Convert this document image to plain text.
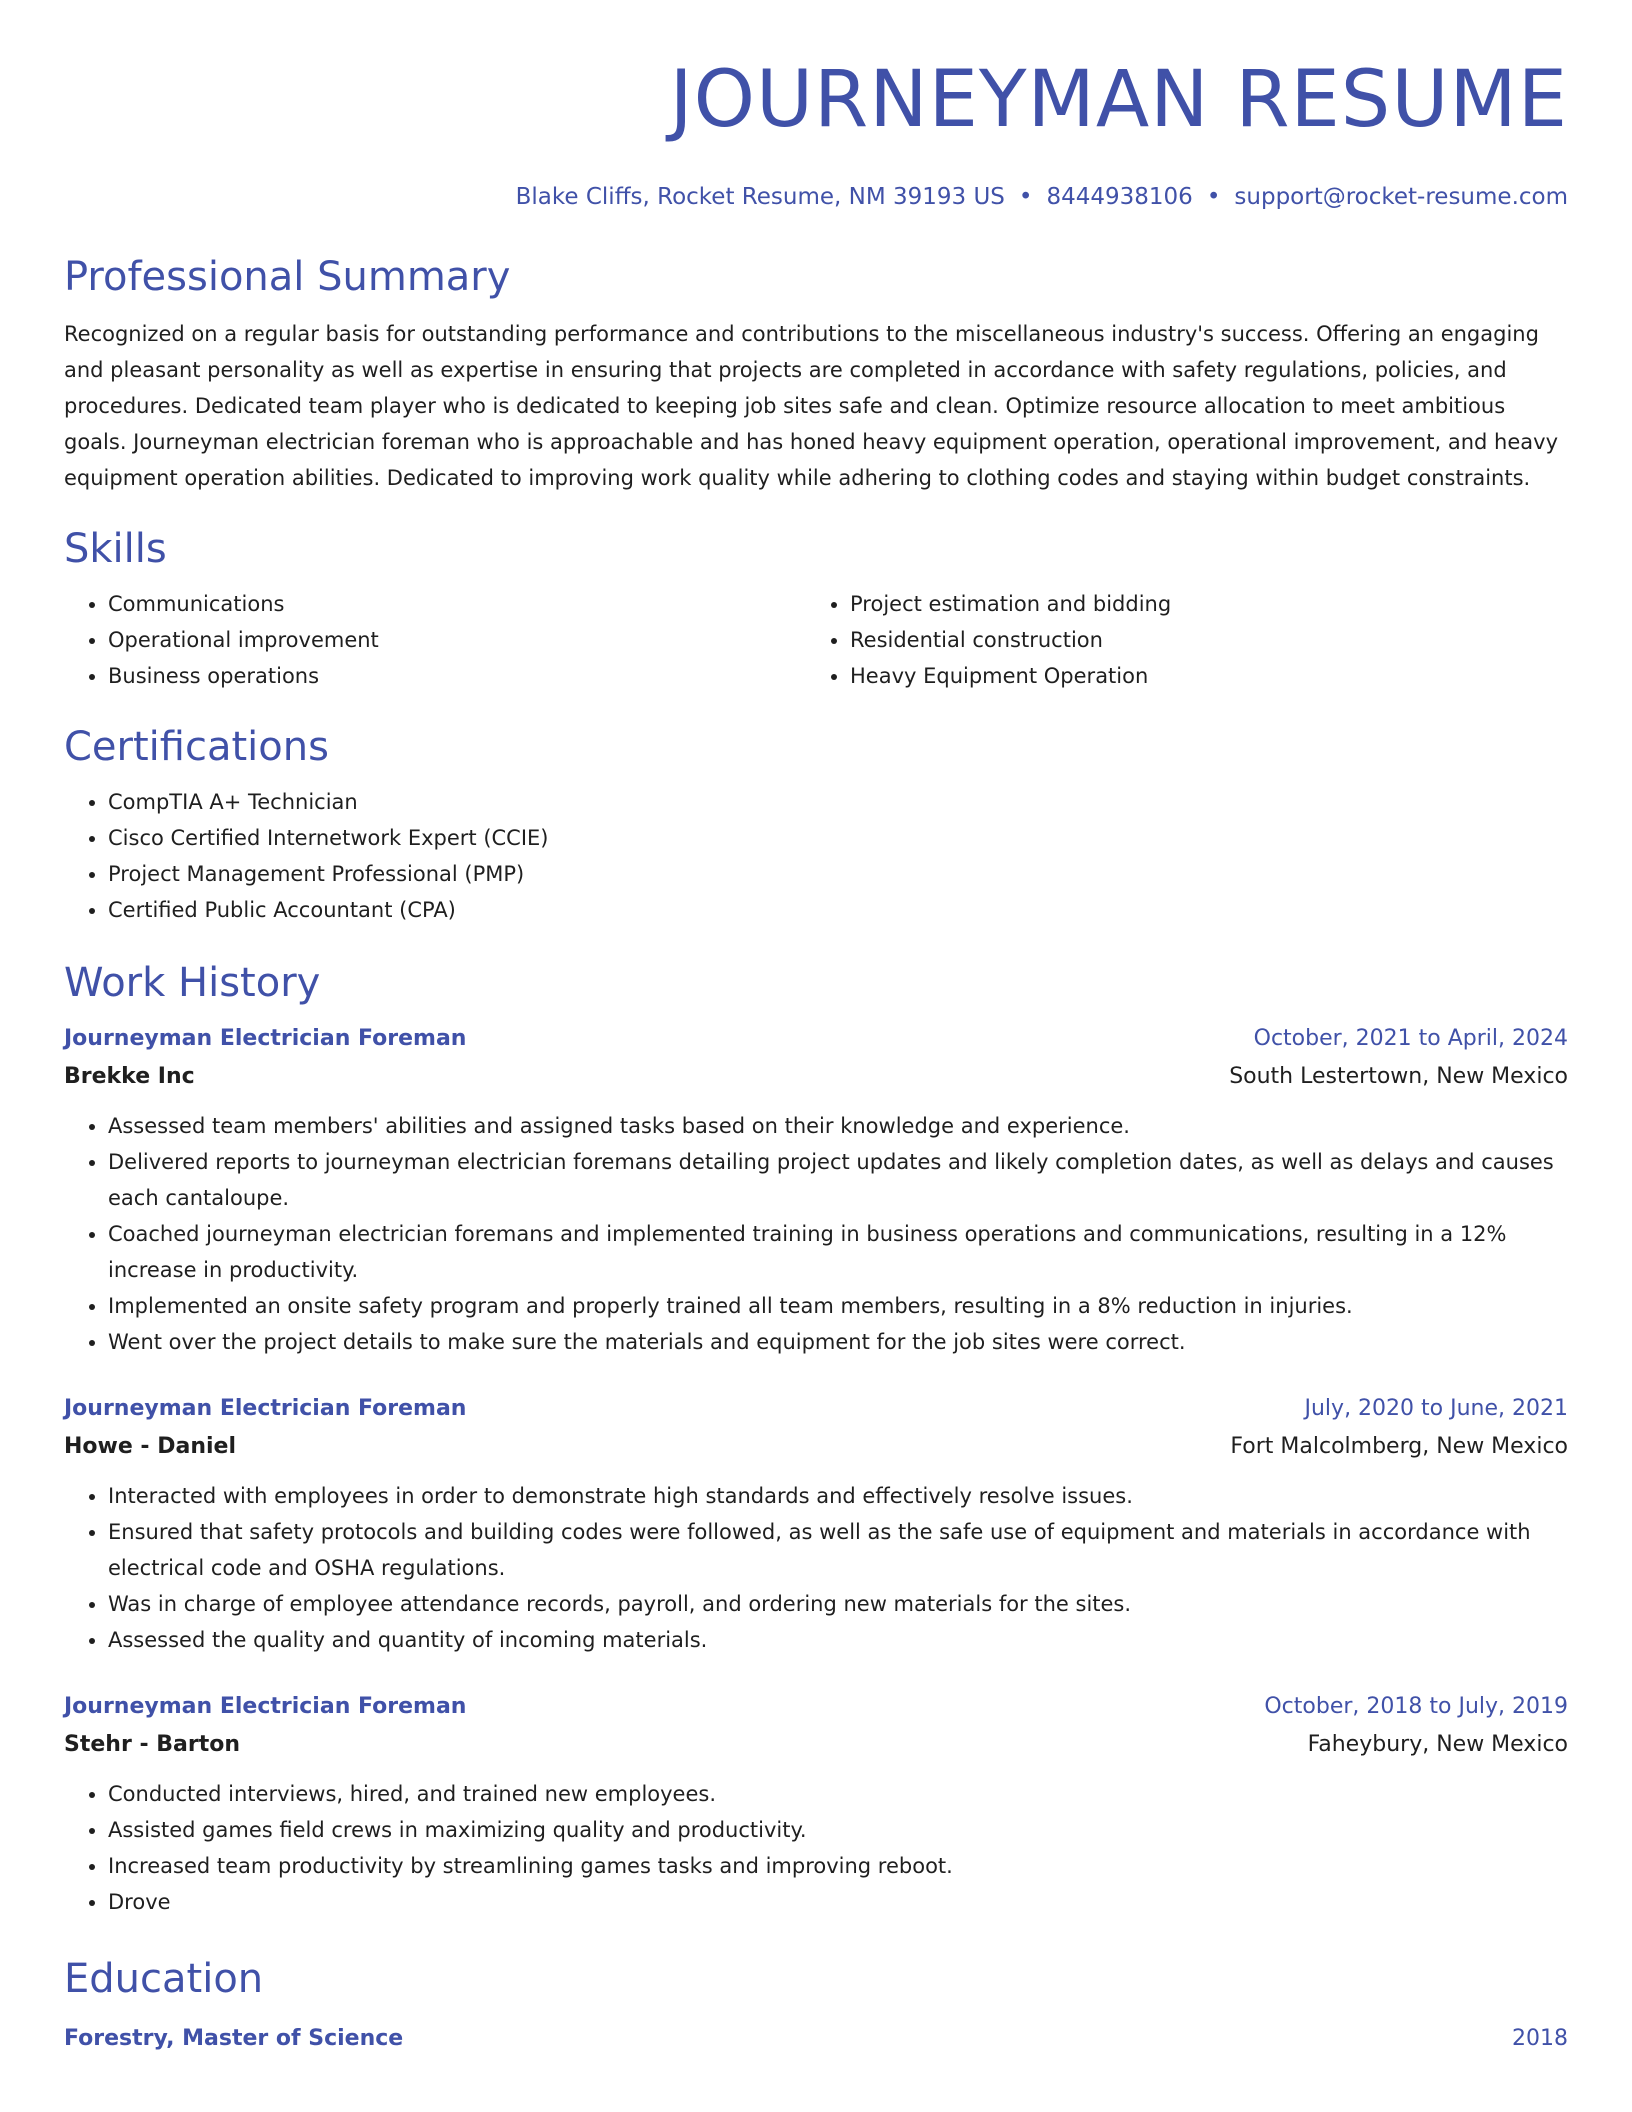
JOURNEYMAN RESUME
Blake Cliffs, Rocket Resume, NM 39193 US • 8444938106 • support@rocket-resume.com
Professional Summary

Recognized on a regular basis for outstanding performance and contributions to the miscellaneous industry's success. Offering an engaging and pleasant personality as well as expertise in ensuring that projects are completed in accordance with safety regulations, policies, and procedures. Dedicated team player who is dedicated to keeping job sites safe and clean. Optimize resource allocation to meet ambitious goals. Journeyman electrician foreman who is approachable and has honed heavy equipment operation, operational improvement, and heavy equipment operation abilities. Dedicated to improving work quality while adhering to clothing codes and staying within budget constraints.

Skills
• Communications
• Operational improvement
• Business operations
• Project estimation and bidding
• Residential construction
• Heavy Equipment Operation
Certifications
• CompTIA A+ Technician
• Cisco Certified Internetwork Expert (CCIE)
• Project Management Professional (PMP)
• Certified Public Accountant (CPA)
Work History
Journeyman Electrician Foreman	October, 2021 to April, 2024
Brekke Inc	South Lestertown, New Mexico
• Assessed team members' abilities and assigned tasks based on their knowledge and experience.
• Delivered reports to journeyman electrician foremans detailing project updates and likely completion dates, as well as delays and causes each cantaloupe.
• Coached journeyman electrician foremans and implemented training in business operations and communications, resulting in a 12% increase in productivity.
• Implemented an onsite safety program and properly trained all team members, resulting in a 8% reduction in injuries.
• Went over the project details to make sure the materials and equipment for the job sites were correct.
Journeyman Electrician Foreman	July, 2020 to June, 2021
Howe - Daniel	Fort Malcolmberg, New Mexico
• Interacted with employees in order to demonstrate high standards and effectively resolve issues.
• Ensured that safety protocols and building codes were followed, as well as the safe use of equipment and materials in accordance with electrical code and OSHA regulations.
• Was in charge of employee attendance records, payroll, and ordering new materials for the sites.
• Assessed the quality and quantity of incoming materials.
Journeyman Electrician Foreman	October, 2018 to July, 2019
Stehr - Barton	Faheybury, New Mexico
• Conducted interviews, hired, and trained new employees.
• Assisted games field crews in maximizing quality and productivity.
• Increased team productivity by streamlining games tasks and improving reboot.
• Drove
Education
Forestry, Master of Science	2018
